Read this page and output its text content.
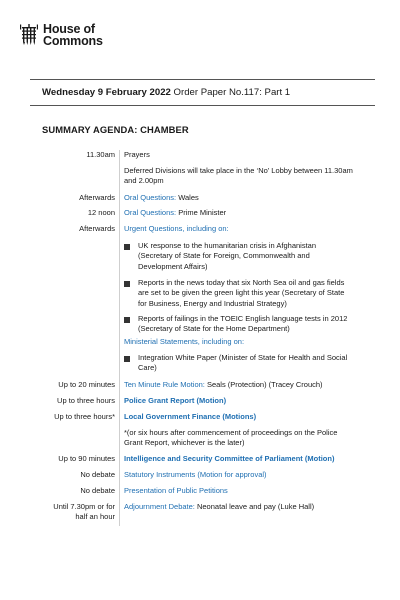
House of
Commons
Wednesday 9 February 2022 Order Paper No.117: Part 1
SUMMARY AGENDA: CHAMBER
11.30am Prayers
Deferred Divisions will take place in the ‘No’ Lobby between 11.30am and 2.00pm
Afterwards Oral Questions: Wales
12 noon Oral Questions: Prime Minister
Afterwards Urgent Questions, including on:
UK response to the humanitarian crisis in Afghanistan (Secretary of State for Foreign, Commonwealth and Development Affairs)
Reports in the news today that six North Sea oil and gas fields are set to be given the green light this year (Secretary of State for Business, Energy and Industrial Strategy)
Reports of failings in the TOEIC English language tests in 2012 (Secretary of State for the Home Department)
Ministerial Statements, including on:
Integration White Paper (Minister of State for Health and Social Care)
Up to 20 minutes Ten Minute Rule Motion: Seals (Protection) (Tracey Crouch)
Up to three hours Police Grant Report (Motion)
Up to three hours* Local Government Finance (Motions)
*(or six hours after commencement of proceedings on the Police Grant Report, whichever is the later)
Up to 90 minutes Intelligence and Security Committee of Parliament (Motion)
No debate Statutory Instruments (Motion for approval)
No debate Presentation of Public Petitions
Until 7.30pm or for
half an hour
Adjournment Debate: Neonatal leave and pay (Luke Hall)
